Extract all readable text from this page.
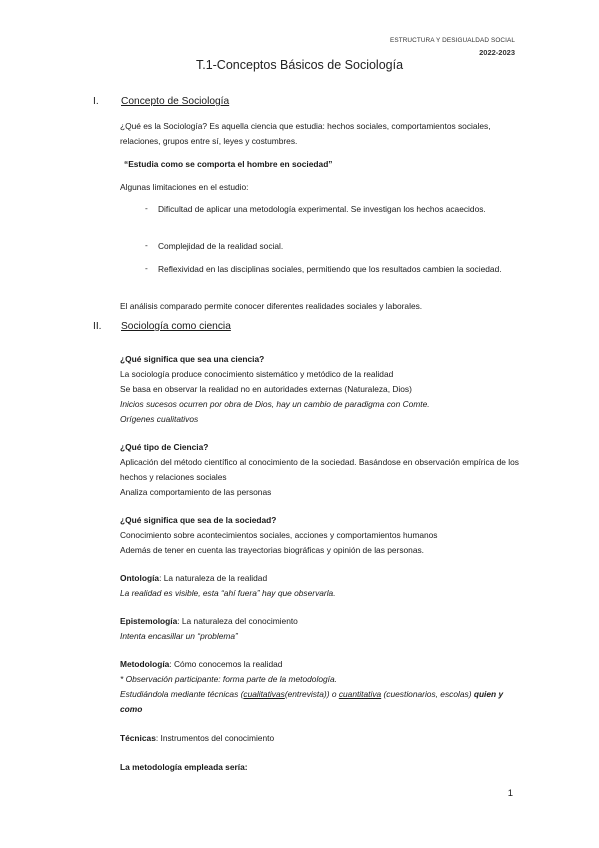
ESTRUCTURA Y DESIGUALDAD SOCIAL
2022-2023
T.1-Conceptos Básicos de Sociología
I. Concepto de Sociología
¿Qué es la Sociología? Es aquella ciencia que estudia: hechos sociales, comportamientos sociales, relaciones, grupos entre sí, leyes y costumbres.
“Estudia como se comporta el hombre en sociedad”
Algunas limitaciones en el estudio:
- Dificultad de aplicar una metodología experimental. Se investigan los hechos acaecidos.
- Complejidad de la realidad social.
- Reflexividad en las disciplinas sociales, permitiendo que los resultados cambien la sociedad.
El análisis comparado permite conocer diferentes realidades sociales y laborales.
II. Sociología como ciencia
¿Qué significa que sea una ciencia?
La sociología produce conocimiento sistemático y metódico de la realidad
Se basa en observar la realidad no en autoridades externas (Naturaleza, Dios)
Inicios sucesos ocurren por obra de Dios, hay un cambio de paradigma con Comte.
Orígenes cualitativos
¿Qué tipo de Ciencia?
Aplicación del método científico al conocimiento de la sociedad. Basándose en observación empírica de los hechos y relaciones sociales
Analiza comportamiento de las personas
¿Qué significa que sea de la sociedad?
Conocimiento sobre acontecimientos sociales, acciones y comportamientos humanos
Además de tener en cuenta las trayectorias biográficas y opinión de las personas.
Ontología: La naturaleza de la realidad
La realidad es visible, esta “ahí fuera” hay que observarla.
Epistemología: La naturaleza del conocimiento
Intenta encasillar un “problema”
Metodología: Cómo conocemos la realidad
* Observación participante: forma parte de la metodología.
Estudiándola mediante técnicas (cualitativas(entrevista)) o cuantitativa (cuestionarios, escolas) quien y como
Técnicas: Instrumentos del conocimiento
La metodología empleada sería:
1
